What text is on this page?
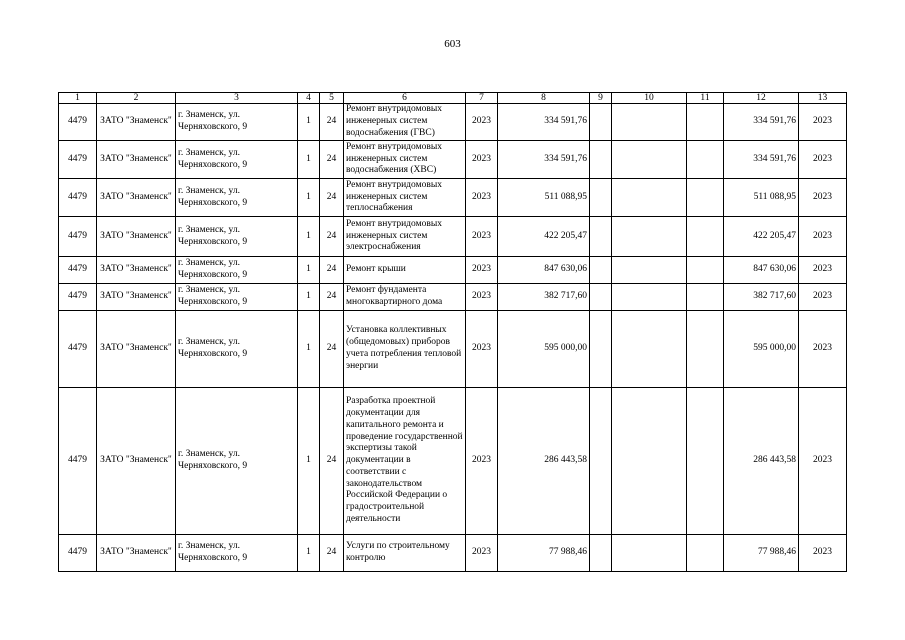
603
1	2	3	4	5	6	7	8	9	10	11	12	13
4479	ЗАТО "Знаменск"	г. Знаменск, ул. Черняховского, 9	1	24	Ремонт внутридомовых инженерных систем водоснабжения (ГВС)	2023	334 591,76				334 591,76	2023
4479	ЗАТО "Знаменск"	г. Знаменск, ул. Черняховского, 9	1	24	Ремонт внутридомовых инженерных систем водоснабжения (ХВС)	2023	334 591,76				334 591,76	2023
4479	ЗАТО "Знаменск"	г. Знаменск, ул. Черняховского, 9	1	24	Ремонт внутридомовых инженерных систем теплоснабжения	2023	511 088,95				511 088,95	2023
4479	ЗАТО "Знаменск"	г. Знаменск, ул. Черняховского, 9	1	24	Ремонт внутридомовых инженерных систем электроснабжения	2023	422 205,47				422 205,47	2023
4479	ЗАТО "Знаменск"	г. Знаменск, ул. Черняховского, 9	1	24	Ремонт крыши	2023	847 630,06				847 630,06	2023
4479	ЗАТО "Знаменск"	г. Знаменск, ул. Черняховского, 9	1	24	Ремонт фундамента многоквартирного дома	2023	382 717,60				382 717,60	2023
4479	ЗАТО "Знаменск"	г. Знаменск, ул. Черняховского, 9	1	24	Установка коллективных (общедомовых) приборов учета потребления тепловой энергии	2023	595 000,00				595 000,00	2023
4479	ЗАТО "Знаменск"	г. Знаменск, ул. Черняховского, 9	1	24	Разработка проектной документации для капитального ремонта и проведение государственной экспертизы такой документации в соответствии с законодательством Российской Федерации о градостроительной деятельности	2023	286 443,58				286 443,58	2023
4479	ЗАТО "Знаменск"	г. Знаменск, ул. Черняховского, 9	1	24	Услуги по строительному контролю	2023	77 988,46				77 988,46	2023
